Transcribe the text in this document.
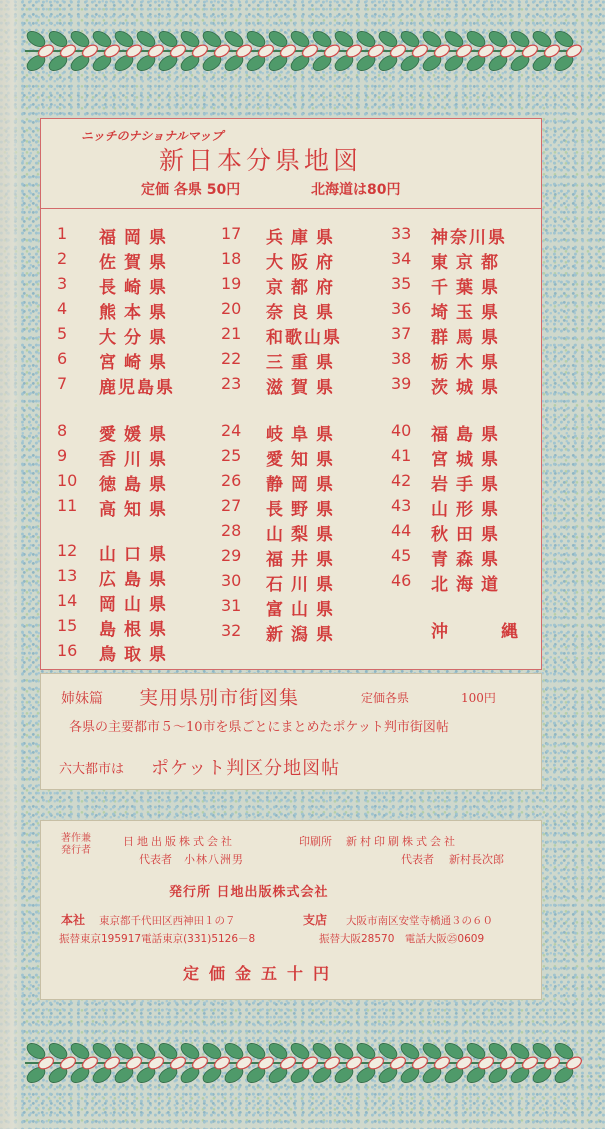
ニッチのナショナルマップ
新日本分県地図
定価 各県 50円	北海道は80円
1	福岡県
2	佐賀県
3	長崎県
4	熊本県
5	大分県
6	宮崎県
7	鹿児島県
8	愛媛県
9	香川県
10	徳島県
11	高知県
12	山口県
13	広島県
14	岡山県
15	島根県
16	鳥取県
17	兵庫県
18	大阪府
19	京都府
20	奈良県
21	和歌山県
22	三重県
23	滋賀県
24	岐阜県
25	愛知県
26	静岡県
27	長野県
28	山梨県
29	福井県
30	石川県
31	富山県
32	新潟県
33	神奈川県
34	東京都
35	千葉県
36	埼玉県
37	群馬県
38	栃木県
39	茨城県
40	福島県
41	宮城県
42	岩手県
43	山形県
44	秋田県
45	青森県
46	北海道
沖	縄
姉妹篇 実用県別市街図集	定価各県	100円
各県の主要都市５～10市を県ごとにまとめたポケット判市街図帖
六大都市は ポケット判区分地図帖
著作兼
発行者
日地出版株式会社
代表者 小林八洲男
印刷所 新村印刷株式会社
代表者 新村長次郎
発行所 日地出版株式会社
本社 東京都千代田区西神田１の７
振替東京195917電話東京(331)5126－8
支店 大阪市南区安堂寺橋通３の６０
振替大阪28570　電話大阪㉕0609
定価金五十円
